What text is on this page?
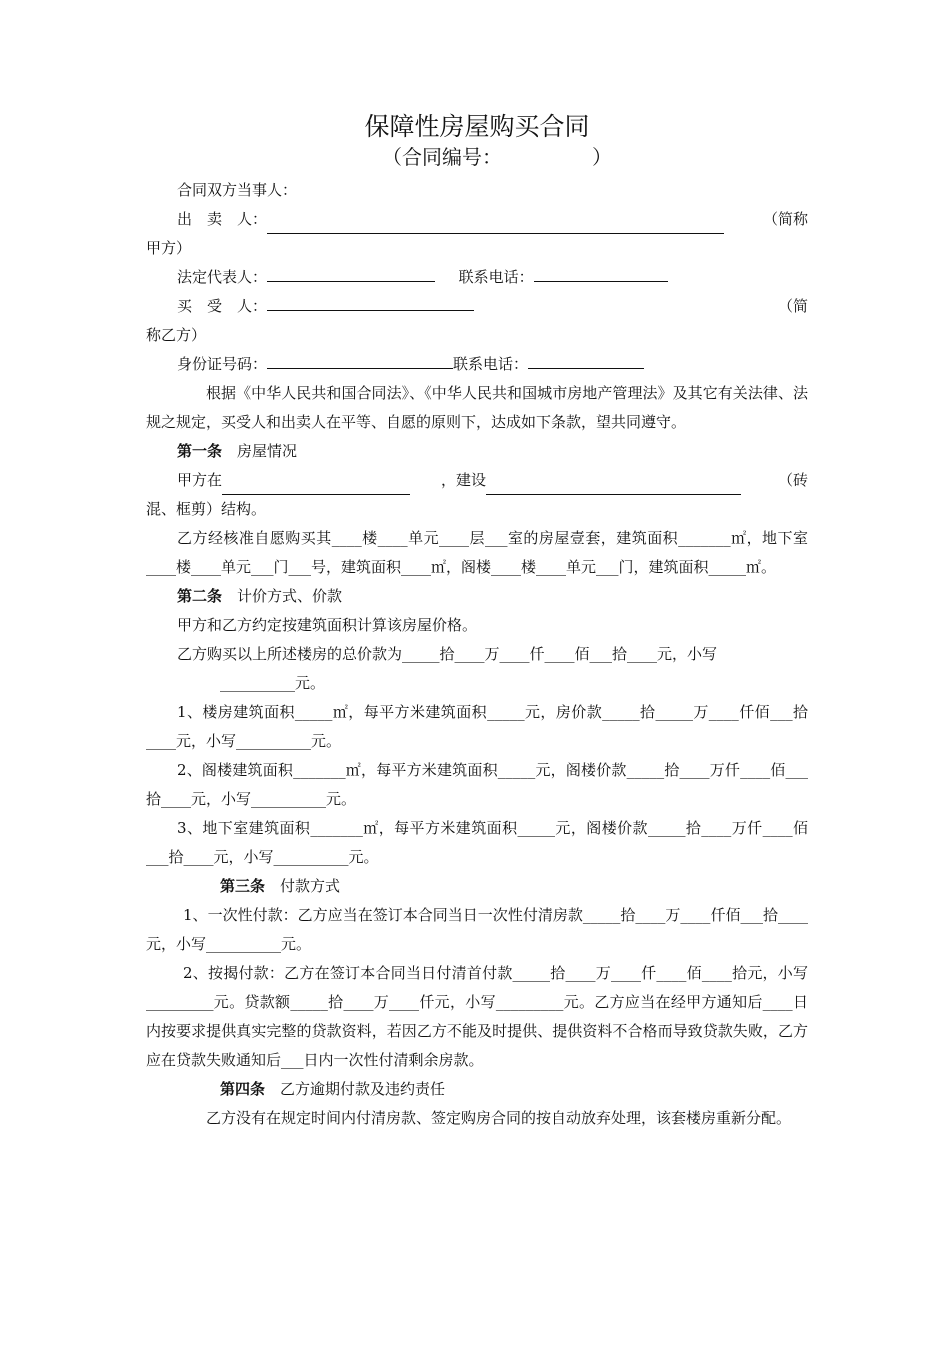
保障性房屋购买合同
（合同编号：　　　　　）

合同双方当事人：

出　卖　人：	（简称

甲方）

法定代表人：	联系电话：

买　受　人：	（简

称乙方）

身份证号码：	联系电话：

根据《中华人民共和国合同法》、《中华人民共和国城市房地产管理法》及其它有关法律、法规之规定，买受人和出卖人在平等、自愿的原则下，达成如下条款，望共同遵守。

第一条　 房屋情况

甲方在	，建设	（砖

混、框剪）结构。

乙方经核准自愿购买其____楼____单元____层___室的房屋壹套，建筑面积_______㎡，地下室____楼____单元___门___号，建筑面积____㎡，阁楼____楼____单元___门，建筑面积_____㎡。

第二条　 计价方式、价款

甲方和乙方约定按建筑面积计算该房屋价格。

乙方购买以上所述楼房的总价款为_____拾____万____仟____佰___拾____元，小写

__________元。

1、楼房建筑面积_____㎡，每平方米建筑面积_____元，房价款_____拾_____万____仟佰___拾____元，小写__________元。

2、阁楼建筑面积_______㎡，每平方米建筑面积_____元，阁楼价款_____拾____万仟____佰___拾____元，小写__________元。

3、地下室建筑面积_______㎡，每平方米建筑面积_____元，阁楼价款_____拾____万仟____佰___拾____元，小写__________元。

第三条　 付款方式

1、一次性付款：乙方应当在签订本合同当日一次性付清房款_____拾____万____仟佰___拾____元，小写__________元。

2、按揭付款：乙方在签订本合同当日付清首付款_____拾____万____仟____佰____拾元，小写_________元。贷款额_____拾____万____仟元，小写_________元。乙方应当在经甲方通知后____日内按要求提供真实完整的贷款资料，若因乙方不能及时提供、提供资料不合格而导致贷款失败，乙方应在贷款失败通知后___日内一次性付清剩余房款。

第四条　 乙方逾期付款及违约责任

乙方没有在规定时间内付清房款、签定购房合同的按自动放弃处理，该套楼房重新分配。
